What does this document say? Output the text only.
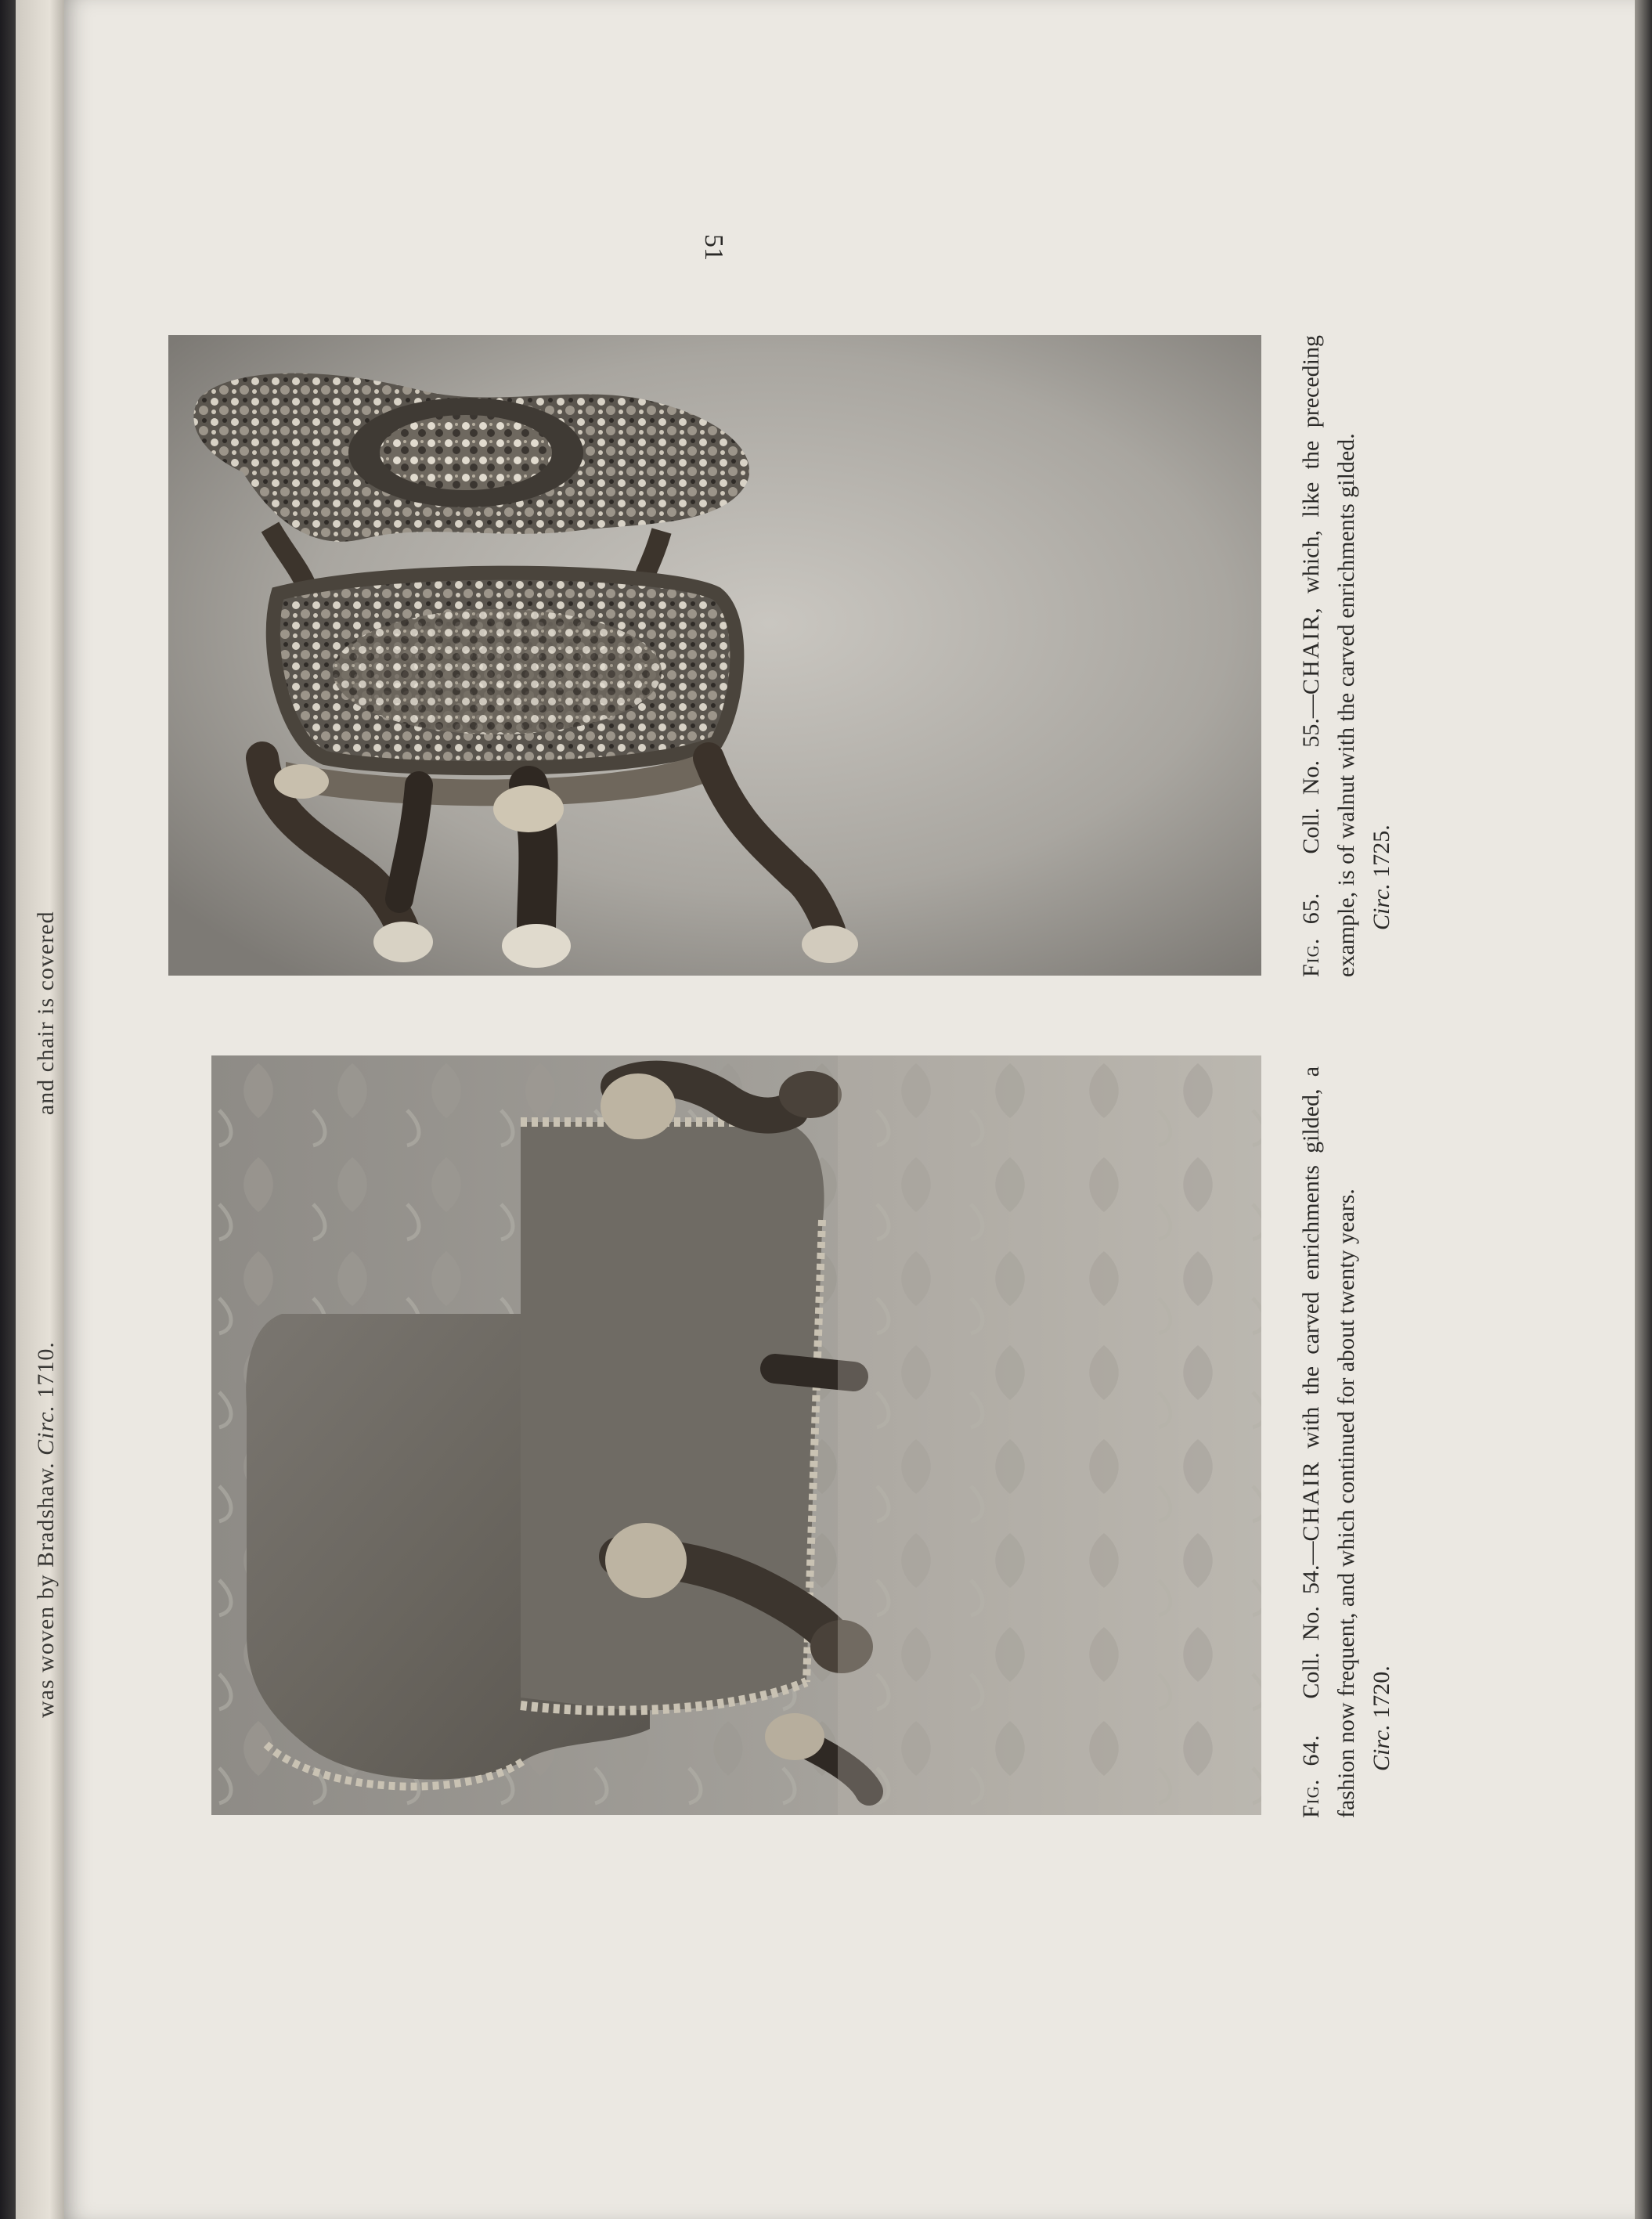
was woven by Bradshaw. Circ. 1710.                                  and chair is covered
51
Fig. 65.   Coll. No. 55.—CHAIR, which, like the preceding example, is of walnut with the carved enrichments gilded. Circ. 1725.
Fig. 64.   Coll. No. 54.—CHAIR with the carved enrichments gilded, a fashion now frequent, and which continued for about twenty years. Circ. 1720.
